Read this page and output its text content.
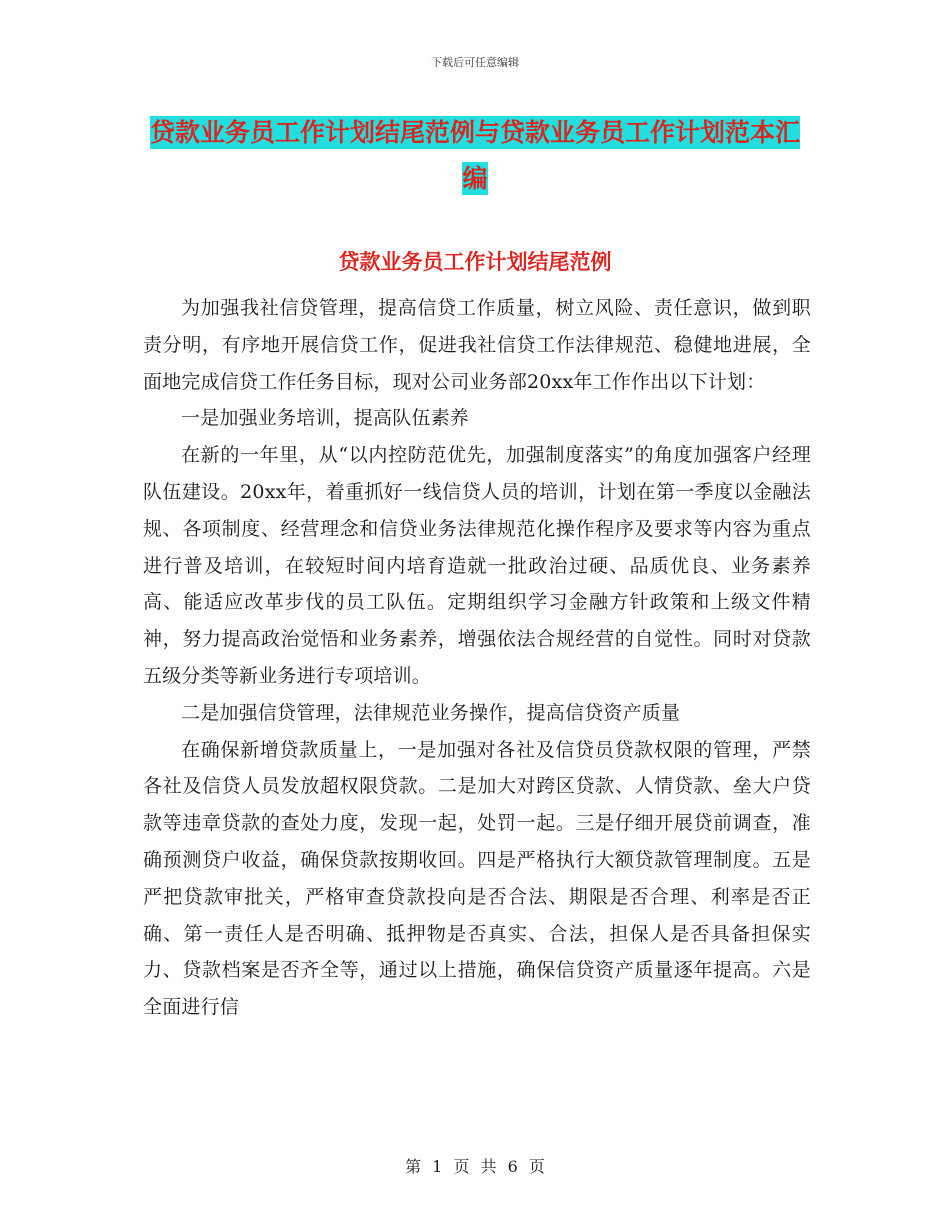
下载后可任意编辑
贷款业务员工作计划结尾范例与贷款业务员工作计划范本汇编
贷款业务员工作计划结尾范例

为加强我社信贷管理，提高信贷工作质量，树立风险、责任意识，做到职责分明，有序地开展信贷工作，促进我社信贷工作法律规范、稳健地进展，全面地完成信贷工作任务目标，现对公司业务部20xx年工作作出以下计划：

一是加强业务培训，提高队伍素养

在新的一年里，从“以内控防范优先，加强制度落实”的角度加强客户经理队伍建设。20xx年，着重抓好一线信贷人员的培训，计划在第一季度以金融法规、各项制度、经营理念和信贷业务法律规范化操作程序及要求等内容为重点进行普及培训，在较短时间内培育造就一批政治过硬、品质优良、业务素养高、能适应改革步伐的员工队伍。定期组织学习金融方针政策和上级文件精神，努力提高政治觉悟和业务素养，增强依法合规经营的自觉性。同时对贷款五级分类等新业务进行专项培训。

二是加强信贷管理，法律规范业务操作，提高信贷资产质量

在确保新增贷款质量上，一是加强对各社及信贷员贷款权限的管理，严禁各社及信贷人员发放超权限贷款。二是加大对跨区贷款、人情贷款、垒大户贷款等违章贷款的查处力度，发现一起，处罚一起。三是仔细开展贷前调查，准确预测贷户收益，确保贷款按期收回。四是严格执行大额贷款管理制度。五是严把贷款审批关，严格审查贷款投向是否合法、期限是否合理、利率是否正确、第一责任人是否明确、抵押物是否真实、合法，担保人是否具备担保实力、贷款档案是否齐全等，通过以上措施，确保信贷资产质量逐年提高。六是全面进行信

第 1 页 共 6 页
